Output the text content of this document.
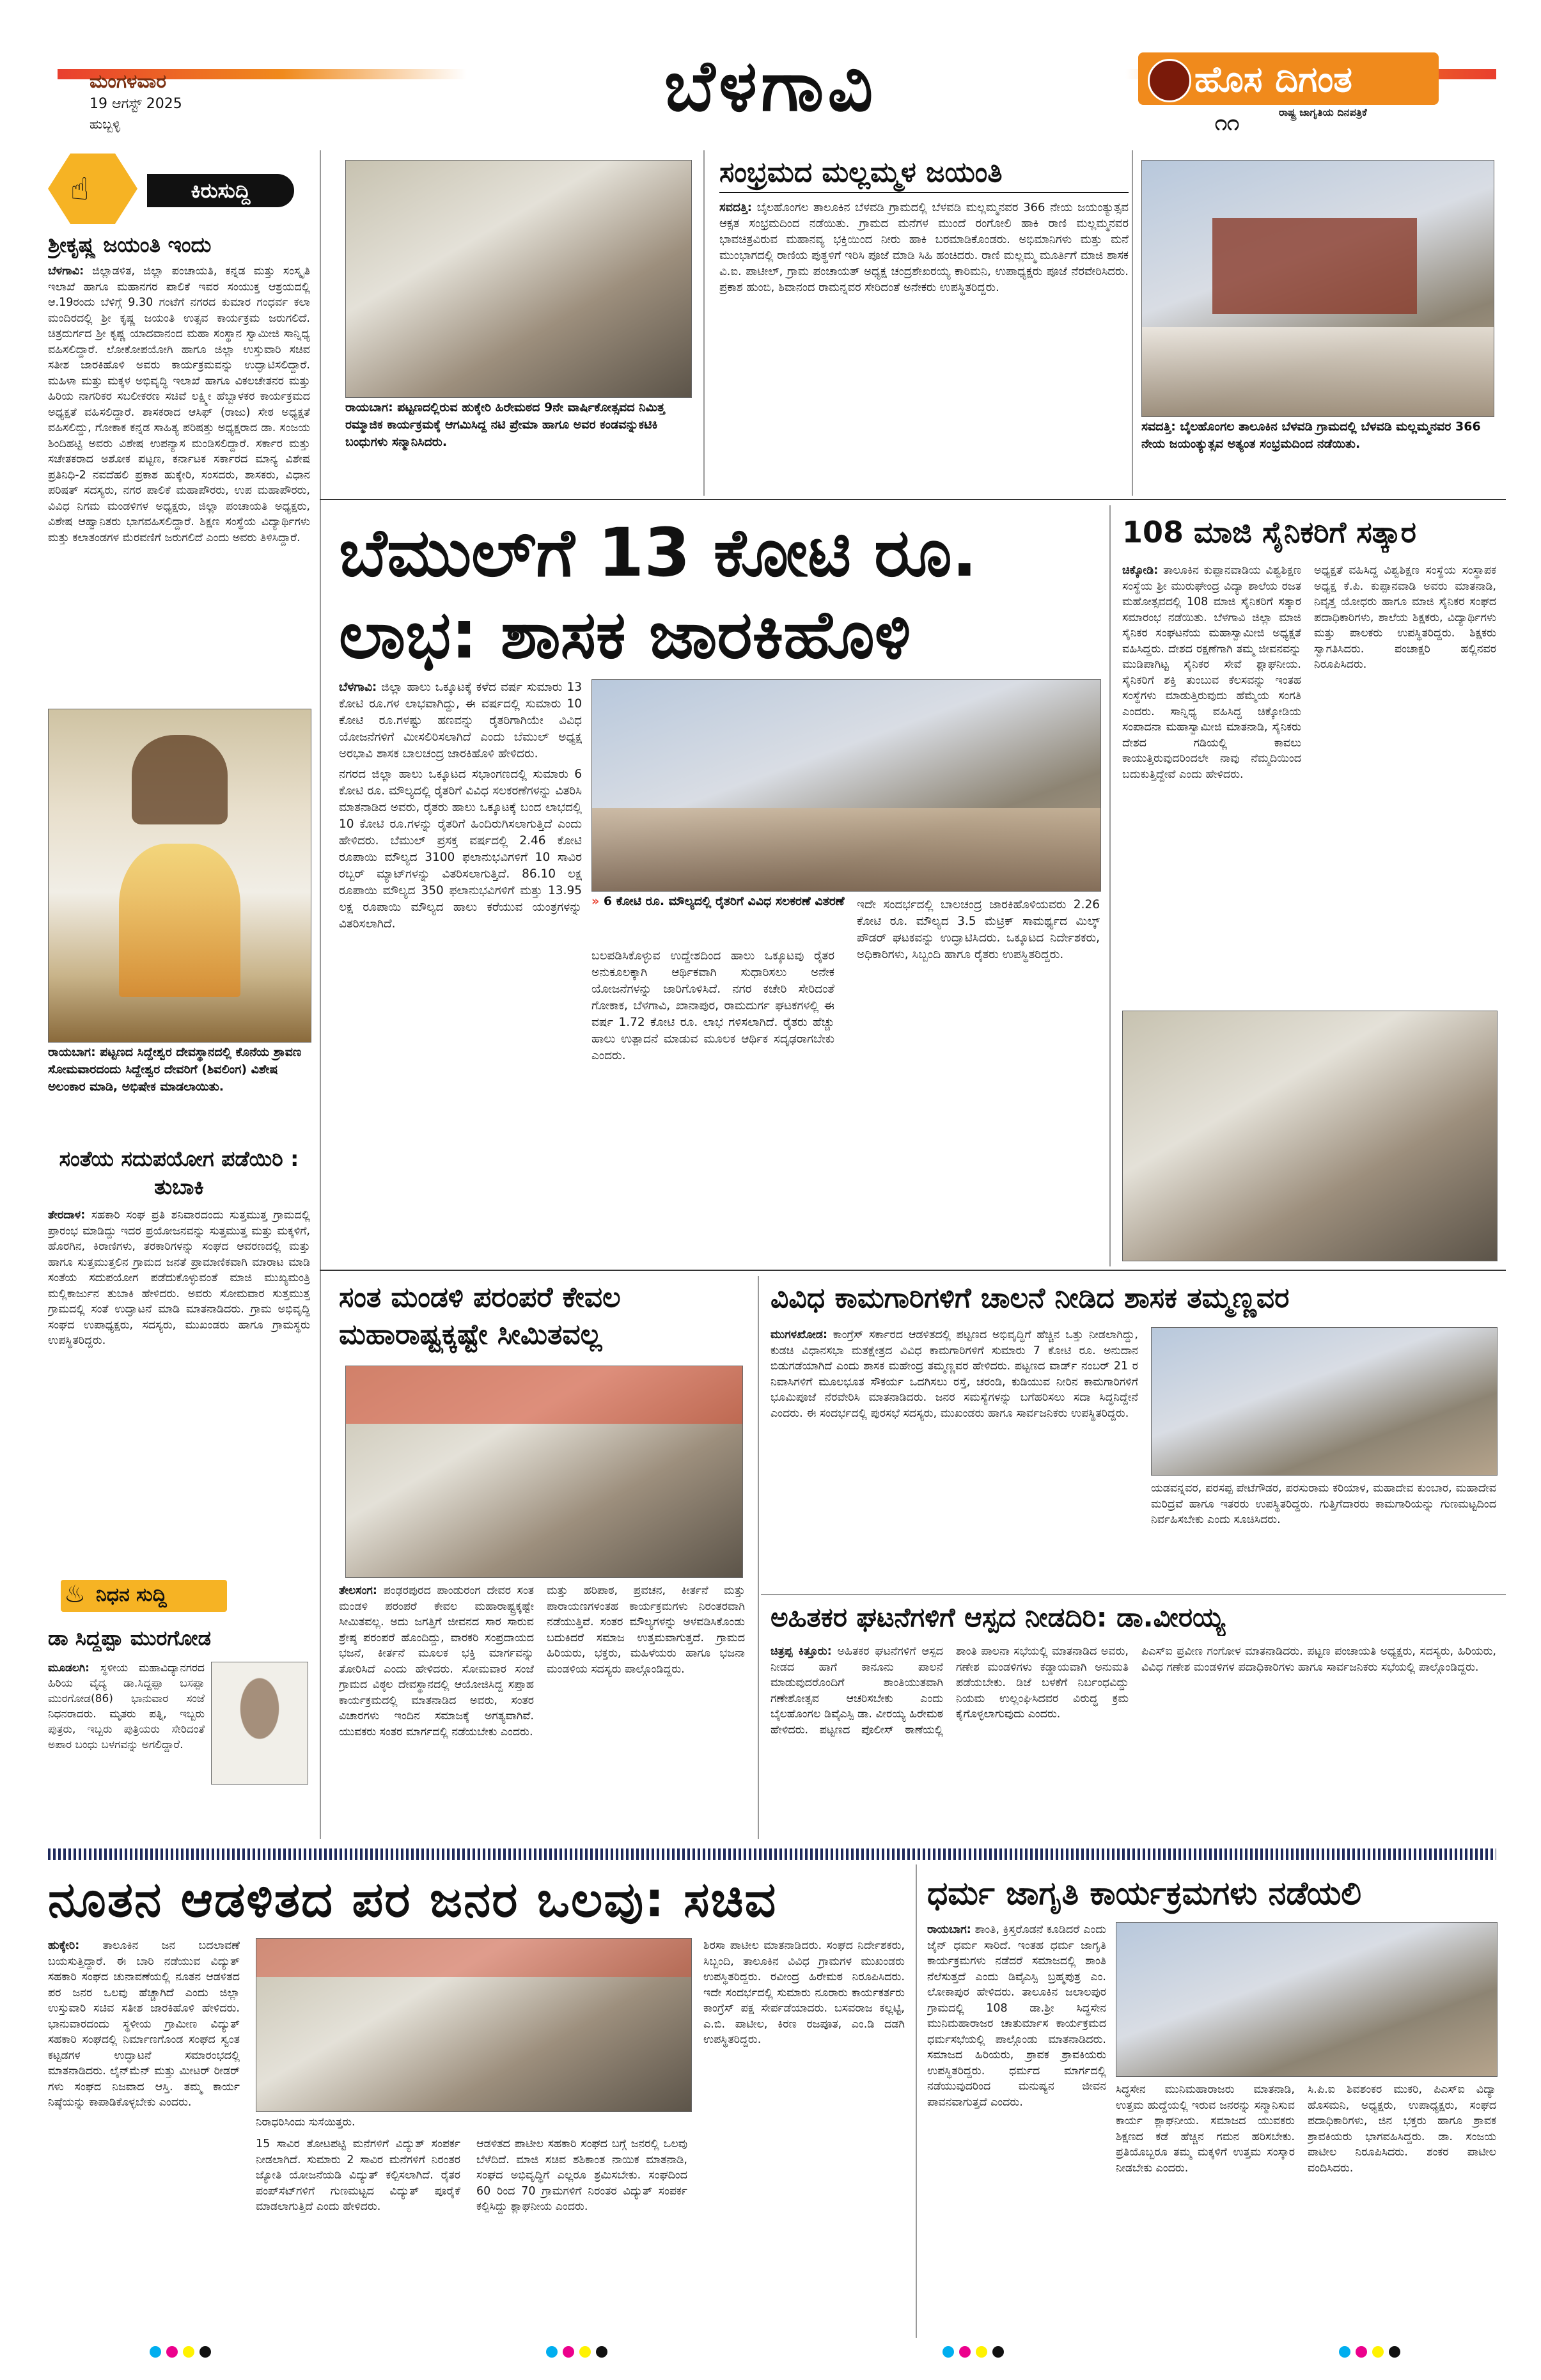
ಮಂಗಳವಾರ
19 ಆಗಸ್ಟ್ 2025
ಹುಬ್ಬಳ್ಳಿ	ಬೆಳಗಾವಿ	ಹೊಸ ದಿಗಂತ
ರಾಷ್ಟ್ರ ಜಾಗೃತಿಯ ದಿನಪತ್ರಿಕೆ
೧೧
☝	ಕಿರುಸುದ್ದಿ
ಶ್ರೀಕೃಷ್ಣ ಜಯಂತಿ ಇಂದು
ಬೆಳಗಾವಿ: ಜಿಲ್ಲಾಡಳಿತ, ಜಿಲ್ಲಾ ಪಂಚಾಯತಿ, ಕನ್ನಡ ಮತ್ತು ಸಂಸ್ಕೃತಿ ಇಲಾಖೆ ಹಾಗೂ ಮಹಾನಗರ ಪಾಲಿಕೆ ಇವರ ಸಂಯುಕ್ತ ಆಶ್ರಯದಲ್ಲಿ ಆ.19ರಂದು ಬೆಳಿಗ್ಗೆ 9.30 ಗಂಟೆಗೆ ನಗರದ ಕುಮಾರ ಗಂಧರ್ವ ಕಲಾ ಮಂದಿರದಲ್ಲಿ ಶ್ರೀ ಕೃಷ್ಣ ಜಯಂತಿ ಉತ್ಸವ ಕಾರ್ಯಕ್ರಮ ಜರುಗಲಿದೆ. ಚಿತ್ರದುರ್ಗದ ಶ್ರೀ ಕೃಷ್ಣ ಯಾದವಾನಂದ ಮಹಾ ಸಂಸ್ಥಾನ ಸ್ವಾಮೀಜಿ ಸಾನ್ನಿಧ್ಯ ವಹಿಸಲಿದ್ದಾರೆ. ಲೋಕೋಪಯೋಗಿ ಹಾಗೂ ಜಿಲ್ಲಾ ಉಸ್ತುವಾರಿ ಸಚಿವ ಸತೀಶ ಜಾರಕಿಹೊಳಿ ಅವರು ಕಾರ್ಯಕ್ರಮವನ್ನು ಉದ್ಘಾಟಿಸಲಿದ್ದಾರೆ. ಮಹಿಳಾ ಮತ್ತು ಮಕ್ಕಳ ಅಭಿವೃದ್ಧಿ ಇಲಾಖೆ ಹಾಗೂ ವಿಕಲಚೇತನರ ಮತ್ತು ಹಿರಿಯ ನಾಗರಿಕರ ಸಬಲೀಕರಣ ಸಚಿವೆ ಲಕ್ಷ್ಮೀ ಹೆಬ್ಬಾಳಕರ ಕಾರ್ಯಕ್ರಮದ ಅಧ್ಯಕ್ಷತೆ ವಹಿಸಲಿದ್ದಾರೆ. ಶಾಸಕರಾದ ಆಸಿಫ್ (ರಾಜು) ಸೇಠ ಅಧ್ಯಕ್ಷತೆ ವಹಿಸಲಿದ್ದು, ಗೋಕಾಕ ಕನ್ನಡ ಸಾಹಿತ್ಯ ಪರಿಷತ್ತು ಅಧ್ಯಕ್ಷರಾದ ಡಾ. ಸಂಜಯ ಶಿಂದಿಹಟ್ಟಿ ಅವರು ವಿಶೇಷ ಉಪನ್ಯಾಸ ಮಂಡಿಸಲಿದ್ದಾರೆ. ಸರ್ಕಾರ ಮತ್ತು ಸಚೇತಕರಾದ ಅಶೋಕ ಪಟ್ಟಣ, ಕರ್ನಾಟಕ ಸರ್ಕಾರದ ಮಾನ್ಯ ವಿಶೇಷ ಪ್ರತಿನಿಧಿ-2 ನವದೆಹಲಿ ಪ್ರಕಾಶ ಹುಕ್ಕೇರಿ, ಸಂಸದರು, ಶಾಸಕರು, ವಿಧಾನ ಪರಿಷತ್ ಸದಸ್ಯರು, ನಗರ ಪಾಲಿಕೆ ಮಹಾಪೌರರು, ಉಪ ಮಹಾಪೌರರು, ವಿವಿಧ ನಿಗಮ ಮಂಡಳಿಗಳ ಅಧ್ಯಕ್ಷರು, ಜಿಲ್ಲಾ ಪಂಚಾಯತಿ ಅಧ್ಯಕ್ಷರು, ವಿಶೇಷ ಆಹ್ವಾನಿತರು ಭಾಗವಹಿಸಲಿದ್ದಾರೆ. ಶಿಕ್ಷಣ ಸಂಸ್ಥೆಯ ವಿದ್ಯಾರ್ಥಿಗಳು ಮತ್ತು ಕಲಾತಂಡಗಳ ಮೆರವಣಿಗೆ ಜರುಗಲಿದೆ ಎಂದು ಅವರು ತಿಳಿಸಿದ್ದಾರೆ.
ರಾಯಬಾಗ: ಪಟ್ಟಣದ ಸಿದ್ದೇಶ್ವರ ದೇವಸ್ಥಾನದಲ್ಲಿ ಕೊನೆಯ ಶ್ರಾವಣ ಸೋಮವಾರದಂದು ಸಿದ್ದೇಶ್ವರ ದೇವರಿಗೆ (ಶಿವಲಿಂಗ) ವಿಶೇಷ ಅಲಂಕಾರ ಮಾಡಿ, ಅಭಿಷೇಕ ಮಾಡಲಾಯಿತು.
ಸಂತೆಯ ಸದುಪಯೋಗ ಪಡೆಯಿರಿ : ತುಬಾಕಿ
ತೇರದಾಳ: ಸಹಕಾರಿ ಸಂಘ ಪ್ರತಿ ಶನಿವಾರದಂದು ಸುತ್ತಮುತ್ತ ಗ್ರಾಮದಲ್ಲಿ ಪ್ರಾರಂಭ ಮಾಡಿದ್ದು ಇದರ ಪ್ರಯೋಜನವನ್ನು ಸುತ್ತಮುತ್ತ ಮತ್ತು ಮಕ್ಕಳಿಗೆ, ಹೊರಗಿನ, ಕಿರಾಣಿಗಳು, ತರಕಾರಿಗಳನ್ನು ಸಂಘದ ಆವರಣದಲ್ಲಿ ಮತ್ತು ಹಾಗೂ ಸುತ್ತಮುತ್ತಲಿನ ಗ್ರಾಮದ ಜನತೆ ಪ್ರಾಮಾಣಿಕವಾಗಿ ಮಾರಾಟ ಮಾಡಿ ಸಂತೆಯ ಸದುಪಯೋಗ ಪಡೆದುಕೊಳ್ಳುವಂತೆ ಮಾಜಿ ಮುಖ್ಯಮಂತ್ರಿ ಮಲ್ಲಿಕಾರ್ಜುನ ತುಬಾಕಿ ಹೇಳಿದರು. ಅವರು ಸೋಮವಾರ ಸುತ್ತಮುತ್ತ ಗ್ರಾಮದಲ್ಲಿ ಸಂತೆ ಉದ್ಘಾಟನೆ ಮಾಡಿ ಮಾತನಾಡಿದರು. ಗ್ರಾಮ ಅಭಿವೃದ್ಧಿ ಸಂಘದ ಉಪಾಧ್ಯಕ್ಷರು, ಸದಸ್ಯರು, ಮುಖಂಡರು ಹಾಗೂ ಗ್ರಾಮಸ್ಥರು ಉಪಸ್ಥಿತರಿದ್ದರು.
♨ ನಿಧನ ಸುದ್ದಿ
ಡಾ ಸಿದ್ದಪ್ಪಾ ಮುರಗೋಡ
ಮೂಡಲಗಿ: ಸ್ಥಳೀಯ ಮಹಾವಿದ್ಯಾನಗರದ ಹಿರಿಯ ವೈದ್ಯ ಡಾ.ಸಿದ್ದಪ್ಪಾ ಬಸಪ್ಪಾ ಮುರಗೋಡ(86) ಭಾನುವಾರ ಸಂಜೆ ನಿಧನರಾದರು. ಮೃತರು ಪತ್ನಿ, ಇಬ್ಬರು ಪುತ್ರರು, ಇಬ್ಬರು ಪುತ್ರಿಯರು ಸೇರಿದಂತೆ ಅಪಾರ ಬಂಧು ಬಳಗವನ್ನು ಅಗಲಿದ್ದಾರೆ.
ರಾಯಬಾಗ: ಪಟ್ಟಣದಲ್ಲಿರುವ ಹುಕ್ಕೇರಿ ಹಿರೇಮಠದ 9ನೇ ವಾರ್ಷಿಕೋತ್ಸವದ ನಿಮಿತ್ತ ರಮ್ಮಾಜಿಕ ಕಾರ್ಯಕ್ರಮಕ್ಕೆ ಆಗಮಿಸಿದ್ದ ನಟಿ ಪ್ರೇಮಾ ಹಾಗೂ ಅವರ ಕಂಡವನ್ನುಕಟಿಕಿ ಬಂಧುಗಳು ಸನ್ಮಾನಿಸಿದರು.
ಸಂಭ್ರಮದ ಮಲ್ಲಮ್ಮಳ ಜಯಂತಿ
ಸವದತ್ತಿ: ಬೈಲಹೊಂಗಲ ತಾಲೂಕಿನ ಬೆಳವಡಿ ಗ್ರಾಮದಲ್ಲಿ ಬೆಳವಡಿ ಮಲ್ಲಮ್ಮನವರ 366 ನೇಯ ಜಯಂತ್ಯುತ್ಸವ ಆಕ್ಸತ ಸಂಭ್ರಮದಿಂದ ನಡೆಯಿತು. ಗ್ರಾಮದ ಮನೆಗಳ ಮುಂದೆ ರಂಗೋಲಿ ಹಾಕಿ ರಾಣಿ ಮಲ್ಲಮ್ಮನವರ ಭಾವಚಿತ್ರವಿರುವ ಮಹಾನವ್ಯ ಭಕ್ತಿಯಿಂದ ನೀರು ಹಾಕಿ ಬರಮಾಡಿಕೊಂಡರು. ಅಭಿಮಾನಿಗಳು ಮತ್ತು ಮನೆ ಮುಂಭಾಗದಲ್ಲಿ ರಾಣಿಯ ಪುತ್ಥಳಿಗೆ ಇರಿಸಿ ಪೂಜೆ ಮಾಡಿ ಸಿಹಿ ಹಂಚಿದರು. ರಾಣಿ ಮಲ್ಲಮ್ಮ ಮೂರ್ತಿಗೆ ಮಾಜಿ ಶಾಸಕ ವಿ.ಐ. ಪಾಟೀಲ್, ಗ್ರಾಮ ಪಂಚಾಯತ್ ಅಧ್ಯಕ್ಷ ಚಂದ್ರಶೇಖರಯ್ಯ ಕಾರಿಮನಿ, ಉಪಾಧ್ಯಕ್ಷರು ಪೂಜೆ ನೆರವೇರಿಸಿದರು. ಪ್ರಕಾಶ ಹುಂಬಿ, ಶಿವಾನಂದ ರಾಮನ್ನವರ ಸೇರಿದಂತೆ ಅನೇಕರು ಉಪಸ್ಥಿತರಿದ್ದರು.
ಸವದತ್ತಿ: ಬೈಲಹೊಂಗಲ ತಾಲೂಕಿನ ಬೆಳವಡಿ ಗ್ರಾಮದಲ್ಲಿ ಬೆಳವಡಿ ಮಲ್ಲಮ್ಮನವರ 366 ನೇಯ ಜಯಂತ್ಯುತ್ಸವ ಅತ್ಯಂತ ಸಂಭ್ರಮದಿಂದ ನಡೆಯಿತು.
ಬೆಮುಲ್‌ಗೆ 13 ಕೋಟಿ ರೂ.
ಲಾಭ: ಶಾಸಕ ಜಾರಕಿಹೊಳಿ
ಬೆಳಗಾವಿ: ಜಿಲ್ಲಾ ಹಾಲು ಒಕ್ಕೂಟಕ್ಕೆ ಕಳೆದ ವರ್ಷ ಸುಮಾರು 13 ಕೋಟಿ ರೂ.ಗಳ ಲಾಭವಾಗಿದ್ದು, ಈ ವರ್ಷದಲ್ಲಿ ಸುಮಾರು 10 ಕೋಟಿ ರೂ.ಗಳಷ್ಟು ಹಣವನ್ನು ರೈತರಿಗಾಗಿಯೇ ವಿವಿಧ ಯೋಜನೆಗಳಿಗೆ ಮೀಸಲಿರಿಸಲಾಗಿದೆ ಎಂದು ಬೆಮುಲ್ ಅಧ್ಯಕ್ಷ ಅರಭಾವಿ ಶಾಸಕ ಬಾಲಚಂದ್ರ ಜಾರಕಿಹೊಳಿ ಹೇಳಿದರು.

ನಗರದ ಜಿಲ್ಲಾ ಹಾಲು ಒಕ್ಕೂಟದ ಸಭಾಂಗಣದಲ್ಲಿ ಸುಮಾರು 6 ಕೋಟಿ ರೂ. ಮೌಲ್ಯದಲ್ಲಿ ರೈತರಿಗೆ ವಿವಿಧ ಸಲಕರಣೆಗಳನ್ನು ವಿತರಿಸಿ ಮಾತನಾಡಿದ ಅವರು, ರೈತರು ಹಾಲು ಒಕ್ಕೂಟಕ್ಕೆ ಬಂದ ಲಾಭದಲ್ಲಿ 10 ಕೋಟಿ ರೂ.ಗಳನ್ನು ರೈತರಿಗೆ ಹಿಂದಿರುಗಿಸಲಾಗುತ್ತಿದೆ ಎಂದು ಹೇಳಿದರು. ಬೆಮುಲ್ ಪ್ರಸಕ್ತ ವರ್ಷದಲ್ಲಿ 2.46 ಕೋಟಿ ರೂಪಾಯಿ ಮೌಲ್ಯದ 3100 ಫಲಾನುಭವಿಗಳಿಗೆ 10 ಸಾವಿರ ರಬ್ಬರ್ ಮ್ಯಾಟ್‌ಗಳನ್ನು ವಿತರಿಸಲಾಗುತ್ತಿದೆ. 86.10 ಲಕ್ಷ ರೂಪಾಯಿ ಮೌಲ್ಯದ 350 ಫಲಾನುಭವಿಗಳಿಗೆ ಮತ್ತು 13.95 ಲಕ್ಷ ರೂಪಾಯಿ ಮೌಲ್ಯದ ಹಾಲು ಕರೆಯುವ ಯಂತ್ರಗಳನ್ನು ವಿತರಿಸಲಾಗಿದೆ.

» 6 ಕೋಟಿ ರೂ. ಮೌಲ್ಯದಲ್ಲಿ ರೈತರಿಗೆ ವಿವಿಧ ಸಲಕರಣೆ ವಿತರಣೆ
ಬಲಪಡಿಸಿಕೊಳ್ಳುವ ಉದ್ದೇಶದಿಂದ ಹಾಲು ಒಕ್ಕೂಟವು ರೈತರ ಅನುಕೂಲಕ್ಕಾಗಿ ಆರ್ಥಿಕವಾಗಿ ಸುಧಾರಿಸಲು ಅನೇಕ ಯೋಜನೆಗಳನ್ನು ಜಾರಿಗೊಳಿಸಿದೆ. ನಗರ ಕಚೇರಿ ಸೇರಿದಂತೆ ಗೋಕಾಕ, ಬೆಳಗಾವಿ, ಖಾನಾಪುರ, ರಾಮದುರ್ಗ ಘಟಕಗಳಲ್ಲಿ ಈ ವರ್ಷ 1.72 ಕೋಟಿ ರೂ. ಲಾಭ ಗಳಿಸಲಾಗಿದೆ. ರೈತರು ಹೆಚ್ಚು ಹಾಲು ಉತ್ಪಾದನೆ ಮಾಡುವ ಮೂಲಕ ಆರ್ಥಿಕ ಸದೃಢರಾಗಬೇಕು ಎಂದರು.
ಇದೇ ಸಂದರ್ಭದಲ್ಲಿ ಬಾಲಚಂದ್ರ ಜಾರಕಿಹೊಳಿಯವರು 2.26 ಕೋಟಿ ರೂ. ಮೌಲ್ಯದ 3.5 ಮೆಟ್ರಿಕ್ ಸಾಮರ್ಥ್ಯದ ಮಿಲ್ಕ್ ಪೌಡರ್ ಘಟಕವನ್ನು ಉದ್ಘಾಟಿಸಿದರು. ಒಕ್ಕೂಟದ ನಿರ್ದೇಶಕರು, ಅಧಿಕಾರಿಗಳು, ಸಿಬ್ಬಂದಿ ಹಾಗೂ ರೈತರು ಉಪಸ್ಥಿತರಿದ್ದರು.
108 ಮಾಜಿ ಸೈನಿಕರಿಗೆ ಸತ್ಕಾರ
ಚಿಕ್ಕೋಡಿ: ತಾಲೂಕಿನ ಕುಪ್ಪಾನವಾಡಿಯ ವಿಶ್ವಶಿಕ್ಷಣ ಸಂಸ್ಥೆಯ ಶ್ರೀ ಮುರುಘೇಂದ್ರ ವಿದ್ಯಾ ಶಾಲೆಯ ರಜತ ಮಹೋತ್ಸವದಲ್ಲಿ 108 ಮಾಜಿ ಸೈನಿಕರಿಗೆ ಸತ್ಕಾರ ಸಮಾರಂಭ ನಡೆಯಿತು. ಬೆಳಗಾವಿ ಜಿಲ್ಲಾ ಮಾಜಿ ಸೈನಿಕರ ಸಂಘಟನೆಯ ಮಹಾಸ್ವಾಮೀಜಿ ಅಧ್ಯಕ್ಷತೆ ವಹಿಸಿದ್ದರು. ದೇಶದ ರಕ್ಷಣೆಗಾಗಿ ತಮ್ಮ ಜೀವನವನ್ನು ಮುಡಿಪಾಗಿಟ್ಟ ಸೈನಿಕರ ಸೇವೆ ಶ್ಲಾಘನೀಯ. ಸೈನಿಕರಿಗೆ ಶಕ್ತಿ ತುಂಬುವ ಕೆಲಸವನ್ನು ಇಂತಹ ಸಂಸ್ಥೆಗಳು ಮಾಡುತ್ತಿರುವುದು ಹೆಮ್ಮೆಯ ಸಂಗತಿ ಎಂದರು. ಸಾನ್ನಿಧ್ಯ ವಹಿಸಿದ್ದ ಚಿಕ್ಕೋಡಿಯ ಸಂಪಾದನಾ ಮಹಾಸ್ವಾಮೀಜಿ ಮಾತನಾಡಿ, ಸೈನಿಕರು ದೇಶದ ಗಡಿಯಲ್ಲಿ ಕಾವಲು ಕಾಯುತ್ತಿರುವುದರಿಂದಲೇ ನಾವು ನೆಮ್ಮದಿಯಿಂದ ಬದುಕುತ್ತಿದ್ದೇವೆ ಎಂದು ಹೇಳಿದರು.
ಅಧ್ಯಕ್ಷತೆ ವಹಿಸಿದ್ದ ವಿಶ್ವಶಿಕ್ಷಣ ಸಂಸ್ಥೆಯ ಸಂಸ್ಥಾಪಕ ಅಧ್ಯಕ್ಷ ಕೆ.ಪಿ. ಕುಪ್ಪಾನವಾಡಿ ಅವರು ಮಾತನಾಡಿ, ನಿವೃತ್ತ ಯೋಧರು ಹಾಗೂ ಮಾಜಿ ಸೈನಿಕರ ಸಂಘದ ಪದಾಧಿಕಾರಿಗಳು, ಶಾಲೆಯ ಶಿಕ್ಷಕರು, ವಿದ್ಯಾರ್ಥಿಗಳು ಮತ್ತು ಪಾಲಕರು ಉಪಸ್ಥಿತರಿದ್ದರು. ಶಿಕ್ಷಕರು ಸ್ವಾಗತಿಸಿದರು. ಪಂಚಾಕ್ಷರಿ ಹಲ್ಲಿನವರ ನಿರೂಪಿಸಿದರು.
ಸಂತ ಮಂಡಳಿ ಪರಂಪರೆ ಕೇವಲ
ಮಹಾರಾಷ್ಟ್ರಕ್ಕಷ್ಟೇ ಸೀಮಿತವಲ್ಲ
ತೇಲಸಂಗ: ಪಂಢರಪುರದ ಪಾಂಡುರಂಗ ದೇವರ ಸಂತ ಮಂಡಳಿ ಪರಂಪರೆ ಕೇವಲ ಮಹಾರಾಷ್ಟ್ರಕ್ಕಷ್ಟೇ ಸೀಮಿತವಲ್ಲ. ಅದು ಜಗತ್ತಿಗೆ ಜೀವನದ ಸಾರ ಸಾರುವ ಶ್ರೇಷ್ಠ ಪರಂಪರೆ ಹೊಂದಿದ್ದು, ವಾರಕರಿ ಸಂಪ್ರದಾಯದ ಭಜನೆ, ಕೀರ್ತನೆ ಮೂಲಕ ಭಕ್ತಿ ಮಾರ್ಗವನ್ನು ತೋರಿಸಿದೆ ಎಂದು ಹೇಳಿದರು. ಸೋಮವಾರ ಸಂಜೆ ಗ್ರಾಮದ ವಿಠ್ಠಲ ದೇವಸ್ಥಾನದಲ್ಲಿ ಆಯೋಜಿಸಿದ್ದ ಸಪ್ತಾಹ ಕಾರ್ಯಕ್ರಮದಲ್ಲಿ ಮಾತನಾಡಿದ ಅವರು, ಸಂತರ ವಿಚಾರಗಳು ಇಂದಿನ ಸಮಾಜಕ್ಕೆ ಅಗತ್ಯವಾಗಿವೆ. ಯುವಕರು ಸಂತರ ಮಾರ್ಗದಲ್ಲಿ ನಡೆಯಬೇಕು ಎಂದರು.
ಮತ್ತು ಹರಿಪಾಠ, ಪ್ರವಚನ, ಕೀರ್ತನೆ ಮತ್ತು ಪಾರಾಯಣಗಳಂತಹ ಕಾರ್ಯಕ್ರಮಗಳು ನಿರಂತರವಾಗಿ ನಡೆಯುತ್ತಿವೆ. ಸಂತರ ಮೌಲ್ಯಗಳನ್ನು ಅಳವಡಿಸಿಕೊಂಡು ಬದುಕಿದರೆ ಸಮಾಜ ಉತ್ತಮವಾಗುತ್ತದೆ. ಗ್ರಾಮದ ಹಿರಿಯರು, ಭಕ್ತರು, ಮಹಿಳೆಯರು ಹಾಗೂ ಭಜನಾ ಮಂಡಳಿಯ ಸದಸ್ಯರು ಪಾಲ್ಗೊಂಡಿದ್ದರು.
ವಿವಿಧ ಕಾಮಗಾರಿಗಳಿಗೆ ಚಾಲನೆ ನೀಡಿದ ಶಾಸಕ ತಮ್ಮಣ್ಣವರ
ಮುಗಳಖೋಡ: ಕಾಂಗ್ರೆಸ್ ಸರ್ಕಾರದ ಆಡಳಿತದಲ್ಲಿ ಪಟ್ಟಣದ ಅಭಿವೃದ್ಧಿಗೆ ಹೆಚ್ಚಿನ ಒತ್ತು ನೀಡಲಾಗಿದ್ದು, ಕುಡಚಿ ವಿಧಾನಸಭಾ ಮತಕ್ಷೇತ್ರದ ವಿವಿಧ ಕಾಮಗಾರಿಗಳಿಗೆ ಸುಮಾರು 7 ಕೋಟಿ ರೂ. ಅನುದಾನ ಬಿಡುಗಡೆಯಾಗಿದೆ ಎಂದು ಶಾಸಕ ಮಹೇಂದ್ರ ತಮ್ಮಣ್ಣವರ ಹೇಳಿದರು. ಪಟ್ಟಣದ ವಾರ್ಡ್ ನಂಬರ್ 21 ರ ನಿವಾಸಿಗಳಿಗೆ ಮೂಲಭೂತ ಸೌಕರ್ಯ ಒದಗಿಸಲು ರಸ್ತೆ, ಚರಂಡಿ, ಕುಡಿಯುವ ನೀರಿನ ಕಾಮಗಾರಿಗಳಿಗೆ ಭೂಮಿಪೂಜೆ ನೆರವೇರಿಸಿ ಮಾತನಾಡಿದರು. ಜನರ ಸಮಸ್ಯೆಗಳನ್ನು ಬಗೆಹರಿಸಲು ಸದಾ ಸಿದ್ಧನಿದ್ದೇನೆ ಎಂದರು. ಈ ಸಂದರ್ಭದಲ್ಲಿ ಪುರಸಭೆ ಸದಸ್ಯರು, ಮುಖಂಡರು ಹಾಗೂ ಸಾರ್ವಜನಿಕರು ಉಪಸ್ಥಿತರಿದ್ದರು.
ಯಡವನ್ನವರ, ಪರಸಪ್ಪ ಪೇಟೆಗೌಡರ, ಪರಸುರಾಮ ಕರಿಯಾಳ, ಮಹಾದೇವ ಕುಂಬಾರ, ಮಹಾದೇವ ಮರಿದ್ರವೆ ಹಾಗೂ ಇತರರು ಉಪಸ್ಥಿತರಿದ್ದರು. ಗುತ್ತಿಗೆದಾರರು ಕಾಮಗಾರಿಯನ್ನು ಗುಣಮಟ್ಟದಿಂದ ನಿರ್ವಹಿಸಬೇಕು ಎಂದು ಸೂಚಿಸಿದರು.
ಅಹಿತಕರ ಘಟನೆಗಳಿಗೆ ಆಸ್ಪದ ನೀಡದಿರಿ: ಡಾ.ವೀರಯ್ಯ
ಚಿತ್ರಪ್ಪ ಕಿತ್ತೂರು: ಅಹಿತಕರ ಘಟನೆಗಳಿಗೆ ಆಸ್ಪದ ನೀಡದ ಹಾಗೆ ಕಾನೂನು ಪಾಲನೆ ಮಾಡುವುದರೊಂದಿಗೆ ಶಾಂತಿಯುತವಾಗಿ ಗಣೇಶೋತ್ಸವ ಆಚರಿಸಬೇಕು ಎಂದು ಬೈಲಹೊಂಗಲ ಡಿವೈಎಸ್ಪಿ ಡಾ. ವೀರಯ್ಯ ಹಿರೇಮಠ ಹೇಳಿದರು. ಪಟ್ಟಣದ ಪೊಲೀಸ್ ಠಾಣೆಯಲ್ಲಿ ಶಾಂತಿ ಪಾಲನಾ ಸಭೆಯಲ್ಲಿ ಮಾತನಾಡಿದ ಅವರು, ಗಣೇಶ ಮಂಡಳಿಗಳು ಕಡ್ಡಾಯವಾಗಿ ಅನುಮತಿ ಪಡೆಯಬೇಕು. ಡಿಜೆ ಬಳಕೆಗೆ ನಿರ್ಬಂಧವಿದ್ದು ನಿಯಮ ಉಲ್ಲಂಘಿಸಿದವರ ವಿರುದ್ಧ ಕ್ರಮ ಕೈಗೊಳ್ಳಲಾಗುವುದು ಎಂದರು.
ಪಿಎಸ್‌ಐ ಪ್ರವೀಣ ಗಂಗೋಳ ಮಾತನಾಡಿದರು. ಪಟ್ಟಣ ಪಂಚಾಯತಿ ಅಧ್ಯಕ್ಷರು, ಸದಸ್ಯರು, ಹಿರಿಯರು, ವಿವಿಧ ಗಣೇಶ ಮಂಡಳಿಗಳ ಪದಾಧಿಕಾರಿಗಳು ಹಾಗೂ ಸಾರ್ವಜನಿಕರು ಸಭೆಯಲ್ಲಿ ಪಾಲ್ಗೊಂಡಿದ್ದರು.
ನೂತನ ಆಡಳಿತದ ಪರ ಜನರ ಒಲವು: ಸಚಿವ
ಹುಕ್ಕೇರಿ: ತಾಲೂಕಿನ ಜನ ಬದಲಾವಣೆ ಬಯಸುತ್ತಿದ್ದಾರೆ. ಈ ಬಾರಿ ನಡೆಯುವ ವಿದ್ಯುತ್ ಸಹಕಾರಿ ಸಂಘದ ಚುನಾವಣೆಯಲ್ಲಿ ನೂತನ ಆಡಳಿತದ ಪರ ಜನರ ಒಲವು ಹೆಚ್ಚಾಗಿದೆ ಎಂದು ಜಿಲ್ಲಾ ಉಸ್ತುವಾರಿ ಸಚಿವ ಸತೀಶ ಜಾರಕಿಹೊಳಿ ಹೇಳಿದರು. ಭಾನುವಾರದಂದು ಸ್ಥಳೀಯ ಗ್ರಾಮೀಣ ವಿದ್ಯುತ್ ಸಹಕಾರಿ ಸಂಘದಲ್ಲಿ ನಿರ್ಮಾಣಗೊಂಡ ಸಂಘದ ಸ್ವಂತ ಕಟ್ಟಡಗಳ ಉದ್ಘಾಟನೆ ಸಮಾರಂಭದಲ್ಲಿ ಮಾತನಾಡಿದರು. ಲೈನ್‌ಮೆನ್ ಮತ್ತು ಮೀಟರ್ ರೀಡರ್ ಗಳು ಸಂಘದ ನಿಜವಾದ ಆಸ್ತಿ. ತಮ್ಮ ಕಾರ್ಯ ನಿಷ್ಠೆಯನ್ನು ಕಾಪಾಡಿಕೊಳ್ಳಬೇಕು ಎಂದರು.
ನಿರಾಧರಿಸಿಂದು ಸುಸೆಯಿತ್ತರು.
15 ಸಾವಿರ ತೋಟಪಟ್ಟಿ ಮನೆಗಳಿಗೆ ವಿದ್ಯುತ್ ಸಂಪರ್ಕ ನೀಡಲಾಗಿದೆ. ಸುಮಾರು 2 ಸಾವಿರ ಮನೆಗಳಿಗೆ ನಿರಂತರ ಜ್ಯೋತಿ ಯೋಜನೆಯಡಿ ವಿದ್ಯುತ್ ಕಲ್ಪಿಸಲಾಗಿದೆ. ರೈತರ ಪಂಪ್‌ಸೆಟ್‌ಗಳಿಗೆ ಗುಣಮಟ್ಟದ ವಿದ್ಯುತ್ ಪೂರೈಕೆ ಮಾಡಲಾಗುತ್ತಿದೆ ಎಂದು ಹೇಳಿದರು.
ಆಡಳಿತದ ಪಾಟೀಲ ಸಹಕಾರಿ ಸಂಘದ ಬಗ್ಗೆ ಜನರಲ್ಲಿ ಒಲವು ಬೆಳೆದಿದೆ. ಮಾಜಿ ಸಚಿವ ಶಶಿಕಾಂತ ನಾಯಿಕ ಮಾತನಾಡಿ, ಸಂಘದ ಅಭಿವೃದ್ಧಿಗೆ ಎಲ್ಲರೂ ಶ್ರಮಿಸಬೇಕು. ಸಂಘದಿಂದ 60 ರಿಂದ 70 ಗ್ರಾಮಗಳಿಗೆ ನಿರಂತರ ವಿದ್ಯುತ್ ಸಂಪರ್ಕ ಕಲ್ಪಿಸಿದ್ದು ಶ್ಲಾಘನೀಯ ಎಂದರು.
ಶಿರಸಾ ಪಾಟೀಲ ಮಾತನಾಡಿದರು. ಸಂಘದ ನಿರ್ದೇಶಕರು, ಸಿಬ್ಬಂದಿ, ತಾಲೂಕಿನ ವಿವಿಧ ಗ್ರಾಮಗಳ ಮುಖಂಡರು ಉಪಸ್ಥಿತರಿದ್ದರು. ರವೀಂದ್ರ ಹಿರೇಮಠ ನಿರೂಪಿಸಿದರು. ಇದೇ ಸಂದರ್ಭದಲ್ಲಿ ಸುಮಾರು ನೂರಾರು ಕಾರ್ಯಕರ್ತರು ಕಾಂಗ್ರೆಸ್ ಪಕ್ಷ ಸೇರ್ಪಡೆಯಾದರು. ಬಸವರಾಜ ಕಲ್ಲಟ್ಟಿ, ಎ.ಬಿ. ಪಾಟೀಲ, ಕಿರಣ ರಜಪೂತ, ಎಂ.ಡಿ ದಡಗಿ ಉಪಸ್ಥಿತರಿದ್ದರು.
ಧರ್ಮ ಜಾಗೃತಿ ಕಾರ್ಯಕ್ರಮಗಳು ನಡೆಯಲಿ
ರಾಯಬಾಗ: ಶಾಂತಿ, ಕ್ರಿಸ್ತರೊಡನೆ ಕೂಡಿದರೆ ಎಂದು ಜೈನ್ ಧರ್ಮ ಸಾರಿದೆ. ಇಂತಹ ಧರ್ಮ ಜಾಗೃತಿ ಕಾರ್ಯಕ್ರಮಗಳು ನಡೆದರೆ ಸಮಾಜದಲ್ಲಿ ಶಾಂತಿ ನೆಲೆಸುತ್ತದೆ ಎಂದು ಡಿವೈಎಸ್ಪಿ ಬ್ರಹ್ಮಪುತ್ರ ಎಂ. ಲೋಕಾಪುರ ಹೇಳಿದರು. ತಾಲೂಕಿನ ಜಲಾಲಪುರ ಗ್ರಾಮದಲ್ಲಿ 108 ಡಾ.ಶ್ರೀ ಸಿದ್ಧಸೇನ ಮುನಿಮಹಾರಾಜರ ಚಾತುರ್ಮಾಸ ಕಾರ್ಯಕ್ರಮದ ಧರ್ಮಸಭೆಯಲ್ಲಿ ಪಾಲ್ಗೊಂಡು ಮಾತನಾಡಿದರು. ಸಮಾಜದ ಹಿರಿಯರು, ಶ್ರಾವಕ ಶ್ರಾವಕಿಯರು ಉಪಸ್ಥಿತರಿದ್ದರು. ಧರ್ಮದ ಮಾರ್ಗದಲ್ಲಿ ನಡೆಯುವುದರಿಂದ ಮನುಷ್ಯನ ಜೀವನ ಪಾವನವಾಗುತ್ತದೆ ಎಂದರು.
ಸಿದ್ಧಸೇನ ಮುನಿಮಹಾರಾಜರು ಮಾತನಾಡಿ, ಉತ್ತಮ ಹುದ್ದೆಯಲ್ಲಿ ಇರುವ ಜನರನ್ನು ಸನ್ಮಾನಿಸುವ ಕಾರ್ಯ ಶ್ಲಾಘನೀಯ. ಸಮಾಜದ ಯುವಕರು ಶಿಕ್ಷಣದ ಕಡೆ ಹೆಚ್ಚಿನ ಗಮನ ಹರಿಸಬೇಕು. ಪ್ರತಿಯೊಬ್ಬರೂ ತಮ್ಮ ಮಕ್ಕಳಿಗೆ ಉತ್ತಮ ಸಂಸ್ಕಾರ ನೀಡಬೇಕು ಎಂದರು.
ಸಿ.ಪಿ.ಐ ಶಿವಶಂಕರ ಮುಕರಿ, ಪಿಎಸ್‌ಐ ವಿದ್ಯಾ ಹೊಸಮನಿ, ಅಧ್ಯಕ್ಷರು, ಉಪಾಧ್ಯಕ್ಷರು, ಸಂಘದ ಪದಾಧಿಕಾರಿಗಳು, ಜಿನ ಭಕ್ತರು ಹಾಗೂ ಶ್ರಾವಕ ಶ್ರಾವಕಿಯರು ಭಾಗವಹಿಸಿದ್ದರು. ಡಾ. ಸಂಜಯ ಪಾಟೀಲ ನಿರೂಪಿಸಿದರು. ಶಂಕರ ಪಾಟೀಲ ವಂದಿಸಿದರು.
